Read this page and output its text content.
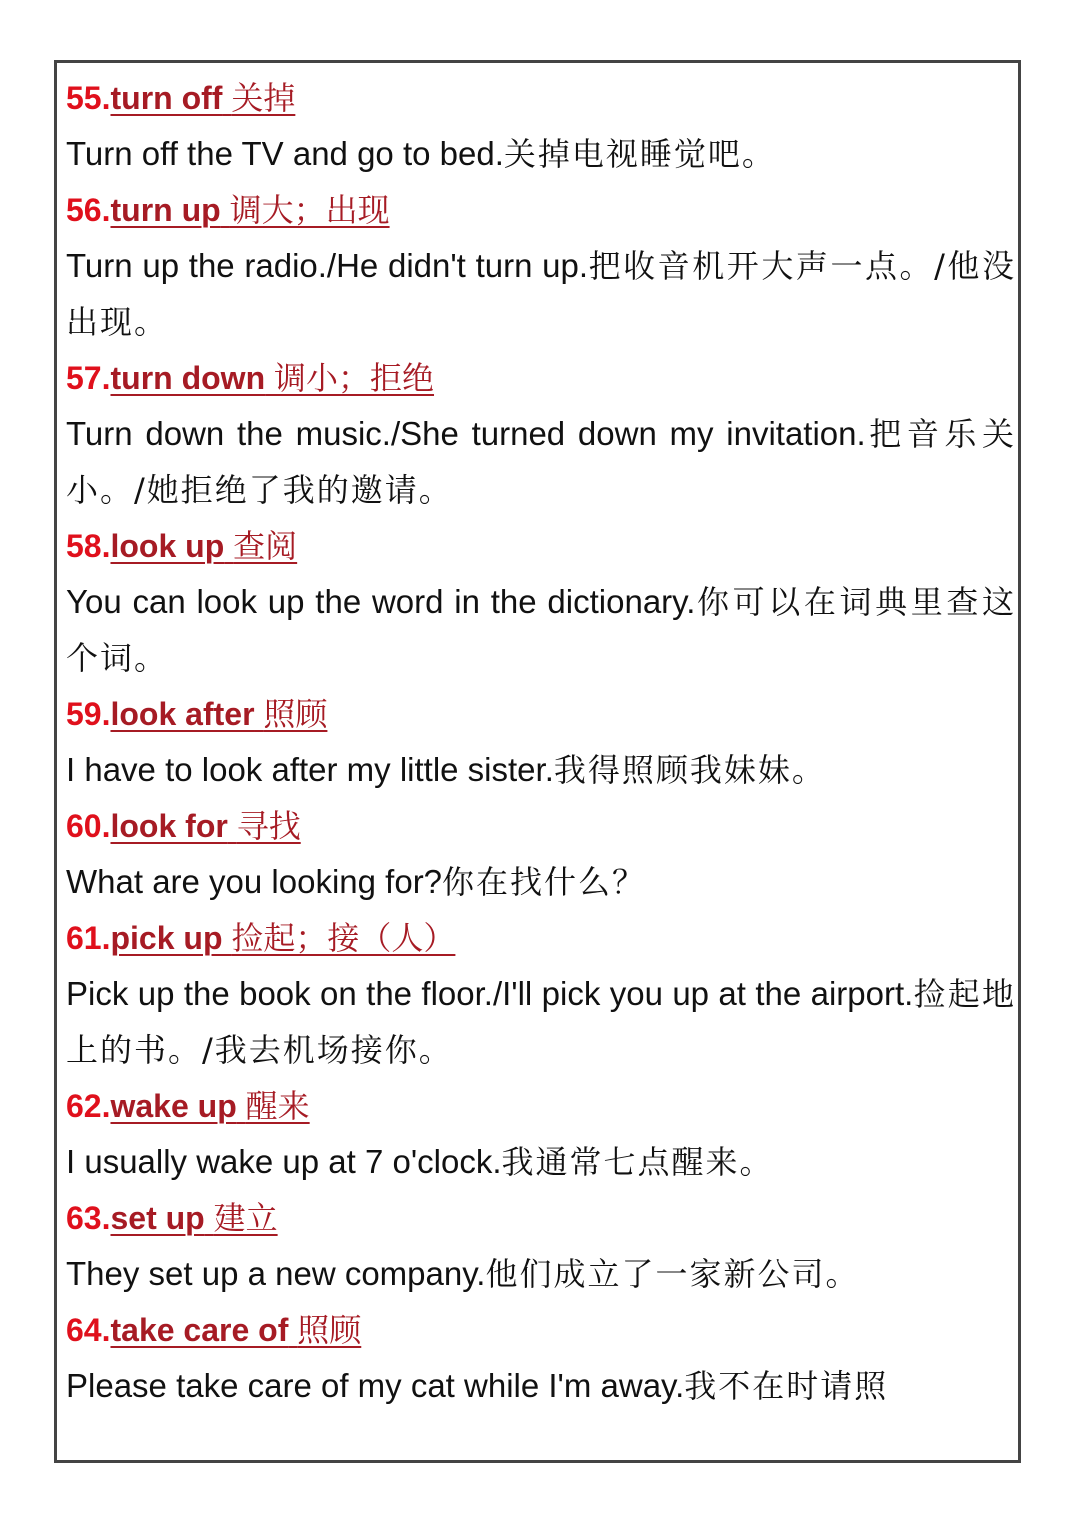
55.turn off 关掉

Turn off the TV and go to bed.关掉电视睡觉吧。

56.turn up 调大；出现

Turn up the radio./He didn't turn up.把收音机开大声一点。/他没出现。

57.turn down 调小；拒绝

Turn down the music./She turned down my invitation.把音乐关小。/她拒绝了我的邀请。

58.look up 查阅

You can look up the word in the dictionary.你可以在词典里查这个词。

59.look after 照顾

I have to look after my little sister.我得照顾我妹妹。

60.look for 寻找

What are you looking for?你在找什么？

61.pick up 捡起；接（人）

Pick up the book on the floor./I'll pick you up at the airport.捡起地上的书。/我去机场接你。

62.wake up 醒来

I usually wake up at 7 o'clock.我通常七点醒来。

63.set up 建立

They set up a new company.他们成立了一家新公司。

64.take care of 照顾

Please take care of my cat while I'm away.我不在时请照
